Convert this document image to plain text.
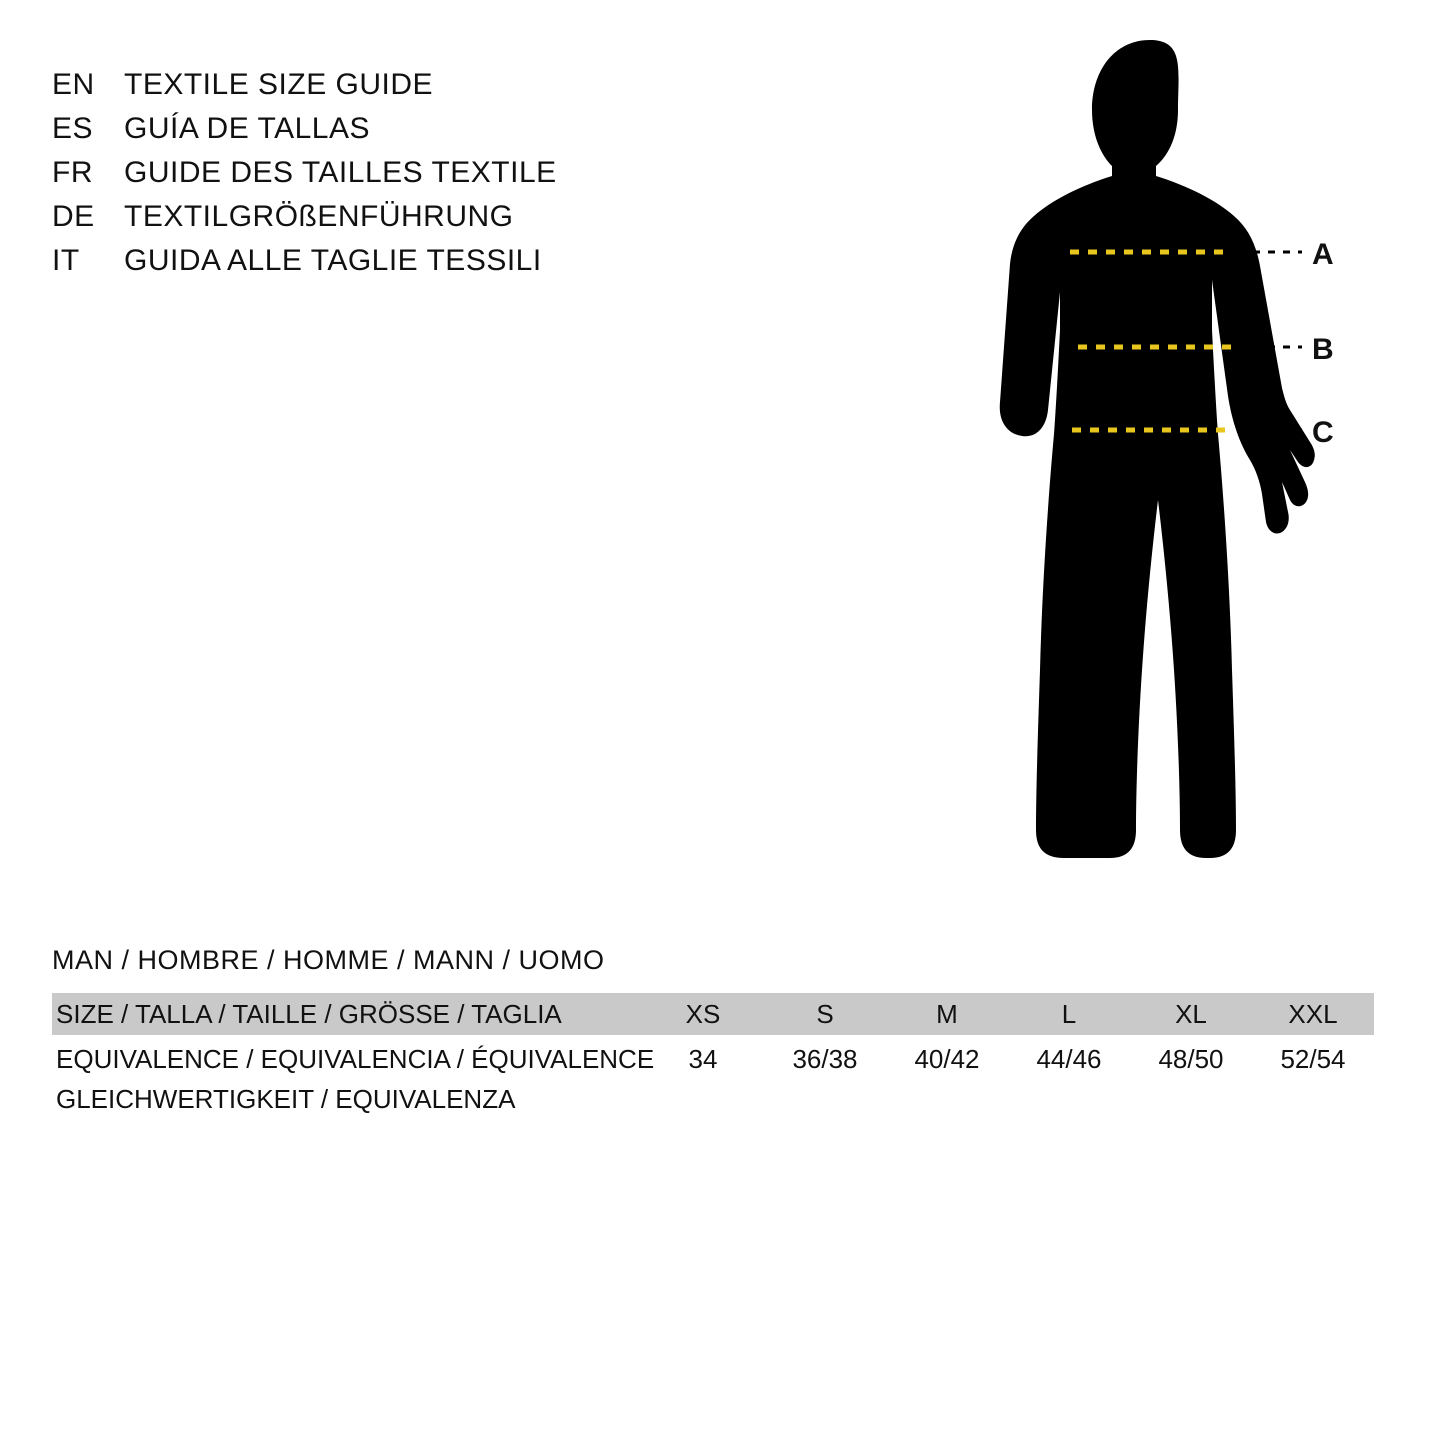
EN TEXTILE SIZE GUIDE
ES	GUÍA DE TALLAS
FR	GUIDE DES TAILLES TEXTILE
DE TEXTILGRÖßENFÜHRUNG
IT	GUIDA ALLE TAGLIE TESSILI	A
B
C
MAN / HOMBRE / HOMME / MANN / UOMO
SIZE / TALLA / TAILLE / GRÖSSE / TAGLIA	XS	S	M	L	XL	XXL
EQUIVALENCE / EQUIVALENCIA / ÉQUIVALENCE	34	36/38	40/42	44/46	48/50	52/54
GLEICHWERTIGKEIT / EQUIVALENZA
